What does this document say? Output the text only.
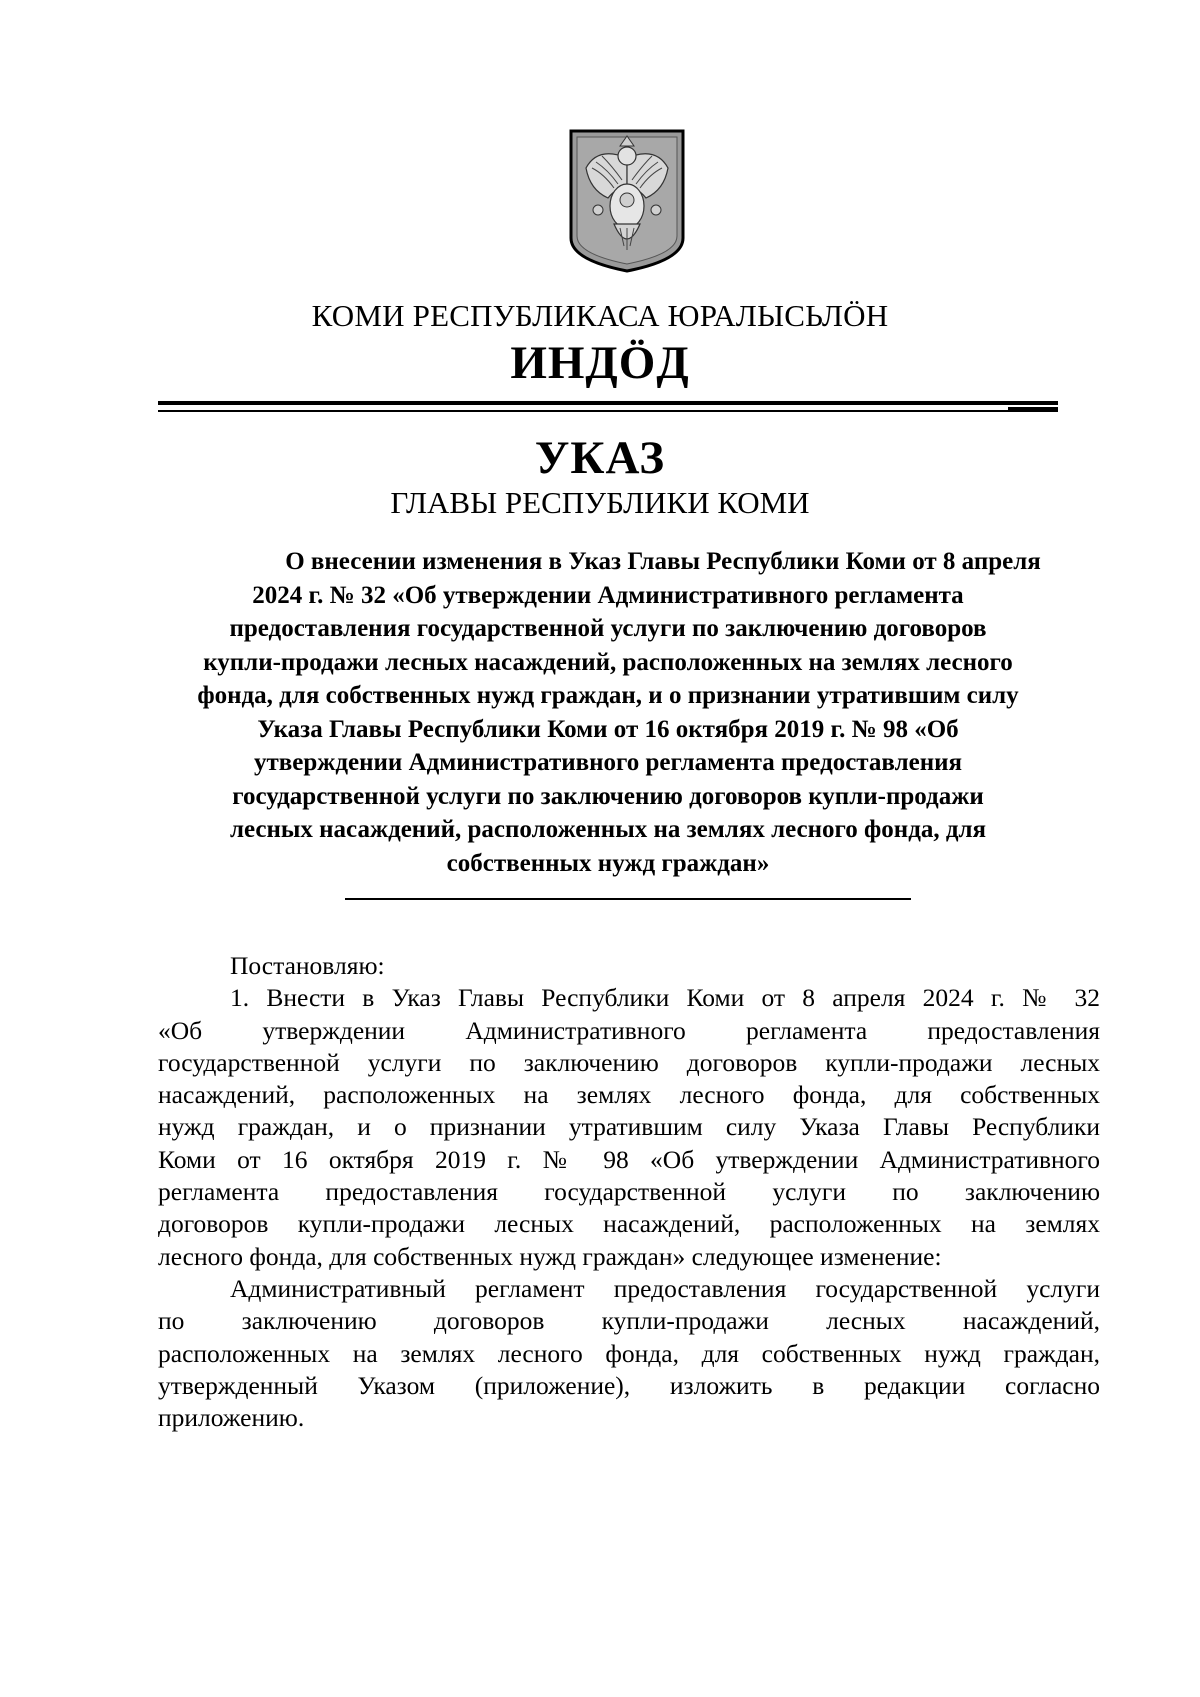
КОМИ РЕСПУБЛИКАСА ЮРАЛЫСЬЛÖН
ИНДÖД
УКАЗ
ГЛАВЫ РЕСПУБЛИКИ КОМИ
О внесении изменения в Указ Главы Республики Коми от 8 апреля
2024 г. № 32 «Об утверждении Административного регламента
предоставления государственной услуги по заключению договоров
купли-продажи лесных насаждений, расположенных на землях лесного
фонда, для собственных нужд граждан, и о признании утратившим силу
Указа Главы Республики Коми от 16 октября 2019 г. № 98 «Об
утверждении Административного регламента предоставления
государственной услуги по заключению договоров купли-продажи
лесных насаждений, расположенных на землях лесного фонда, для
собственных нужд граждан»
Постановляю:
1. Внести в Указ Главы Республики Коми от 8 апреля 2024 г. № 32
«Об утверждении Административного регламента предоставления
государственной услуги по заключению договоров купли-продажи лесных
насаждений, расположенных на землях лесного фонда, для собственных
нужд граждан, и о признании утратившим силу Указа Главы Республики
Коми от 16 октября 2019 г. № 98 «Об утверждении Административного
регламента предоставления государственной услуги по заключению
договоров купли-продажи лесных насаждений, расположенных на землях
лесного фонда, для собственных нужд граждан» следующее изменение:
Административный регламент предоставления государственной услуги
по заключению договоров купли-продажи лесных насаждений,
расположенных на землях лесного фонда, для собственных нужд граждан,
утвержденный Указом (приложение), изложить в редакции согласно
приложению.
